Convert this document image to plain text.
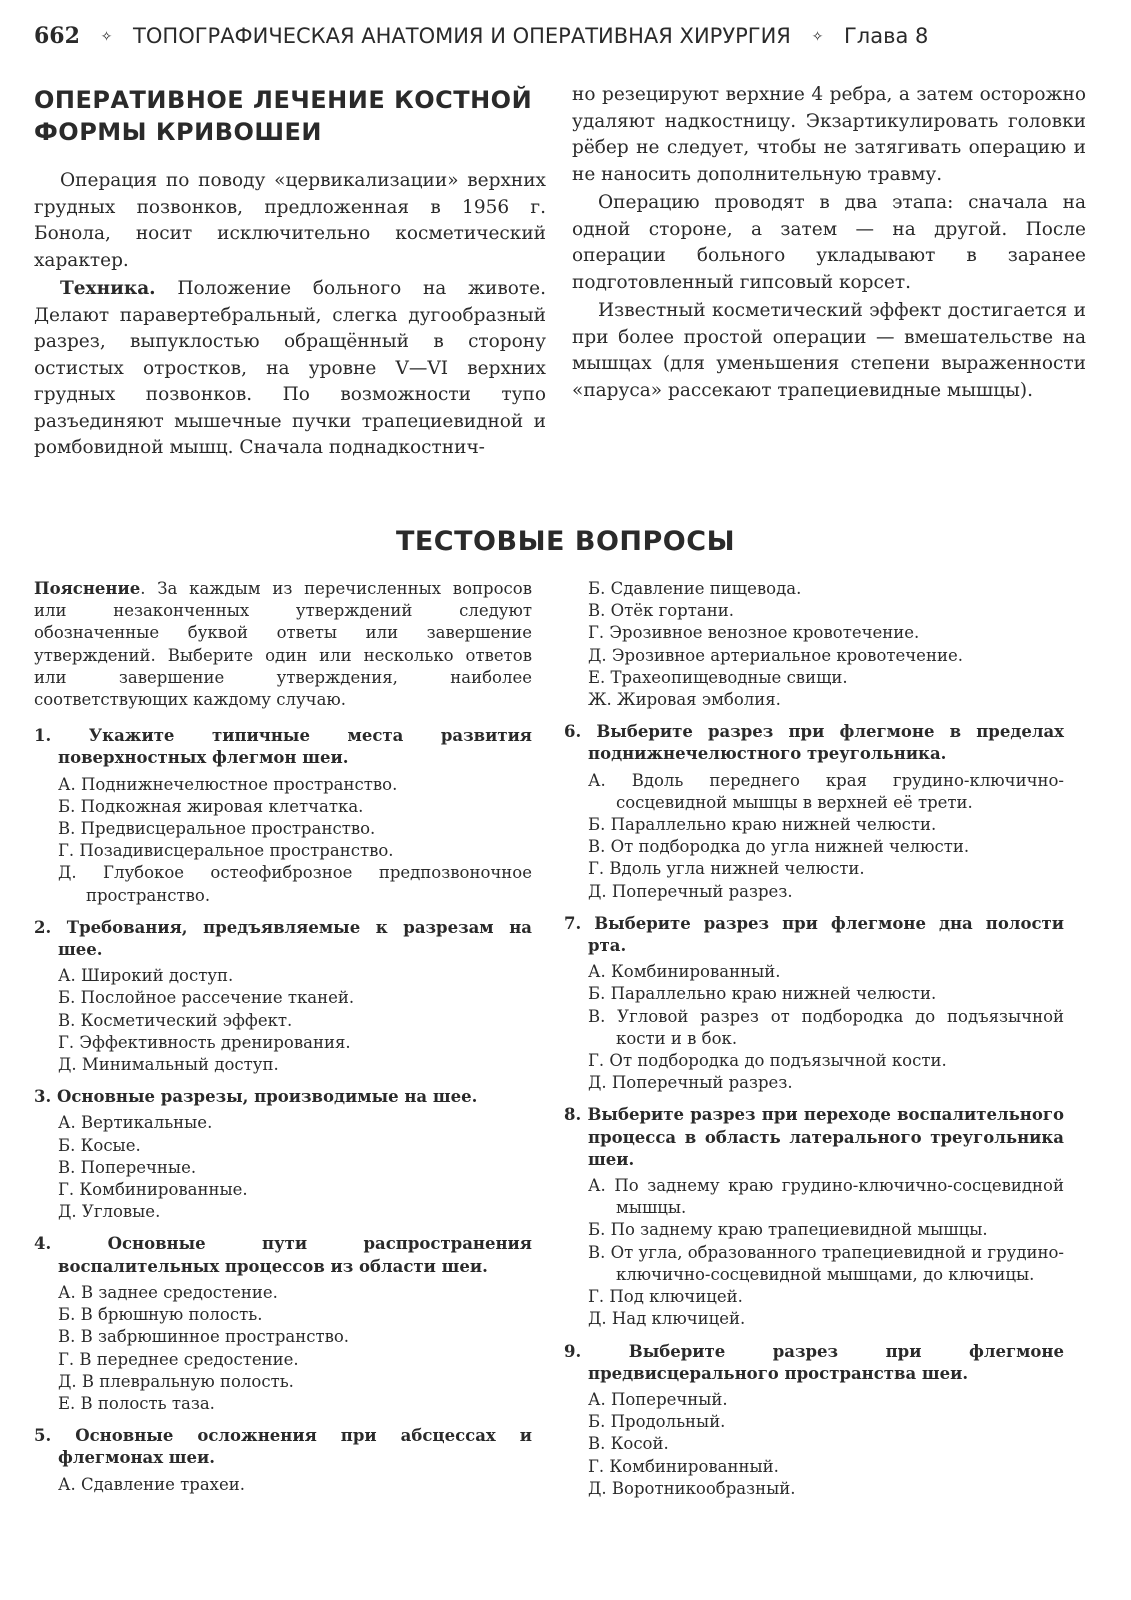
662 ✧ ТОПОГРАФИЧЕСКАЯ АНАТОМИЯ И ОПЕРАТИВНАЯ ХИРУРГИЯ ✧ Глава 8
ОПЕРАТИВНОЕ ЛЕЧЕНИЕ КОСТНОЙ ФОРМЫ КРИВОШЕИ

Операция по поводу «цервикализации» верхних грудных позвонков, предложенная в 1956 г. Бонола, носит исключительно косметический характер.

Техника. Положение больного на животе. Делают паравертебральный, слегка дугообразный разрез, выпуклостью обращённый в сторону остистых отростков, на уровне V—VI верхних грудных позвонков. По возможности тупо разъединяют мышечные пучки трапециевидной и ромбовидной мышц. Сначала поднадкостнич-

но резецируют верхние 4 ребра, а затем осторожно удаляют надкостницу. Экзартикулировать головки рёбер не следует, чтобы не затягивать операцию и не наносить дополнительную травму.

Операцию проводят в два этапа: сначала на одной стороне, а затем — на другой. После операции больного укладывают в заранее подготовленный гипсовый корсет.

Известный косметический эффект достигается и при более простой операции — вмешательстве на мышцах (для уменьшения степени выраженности «паруса» рассекают трапециевидные мышцы).

ТЕСТОВЫЕ ВОПРОСЫ
Пояснение. За каждым из перечисленных вопросов или незаконченных утверждений следуют обозначенные буквой ответы или завершение утверждений. Выберите один или несколько ответов или завершение утверждения, наиболее соответствующих каждому случаю.
1. Укажите типичные места развития поверхностных флегмон шеи.
А. Поднижнечелюстное пространство.
Б. Подкожная жировая клетчатка.
В. Предвисцеральное пространство.
Г. Позадивисцеральное пространство.
Д. Глубокое остеофиброзное предпозвоночное пространство.
2. Требования, предъявляемые к разрезам на шее.
А. Широкий доступ.
Б. Послойное рассечение тканей.
В. Косметический эффект.
Г. Эффективность дренирования.
Д. Минимальный доступ.
3. Основные разрезы, производимые на шее.
А. Вертикальные.
Б. Косые.
В. Поперечные.
Г. Комбинированные.
Д. Угловые.
4. Основные пути распространения воспалительных процессов из области шеи.
А. В заднее средостение.
Б. В брюшную полость.
В. В забрюшинное пространство.
Г. В переднее средостение.
Д. В плевральную полость.
Е. В полость таза.
5. Основные осложнения при абсцессах и флегмонах шеи.
А. Сдавление трахеи.
Б. Сдавление пищевода.
В. Отёк гортани.
Г. Эрозивное венозное кровотечение.
Д. Эрозивное артериальное кровотечение.
Е. Трахеопищеводные свищи.
Ж. Жировая эмболия.
6. Выберите разрез при флегмоне в пределах поднижнечелюстного треугольника.
А. Вдоль переднего края грудино-ключично-сосцевидной мышцы в верхней её трети.
Б. Параллельно краю нижней челюсти.
В. От подбородка до угла нижней челюсти.
Г. Вдоль угла нижней челюсти.
Д. Поперечный разрез.
7. Выберите разрез при флегмоне дна полости рта.
А. Комбинированный.
Б. Параллельно краю нижней челюсти.
В. Угловой разрез от подбородка до подъязычной кости и в бок.
Г. От подбородка до подъязычной кости.
Д. Поперечный разрез.
8. Выберите разрез при переходе воспалительного процесса в область латерального треугольника шеи.
А. По заднему краю грудино-ключично-сосцевидной мышцы.
Б. По заднему краю трапециевидной мышцы.
В. От угла, образованного трапециевидной и грудино-ключично-сосцевидной мышцами, до ключицы.
Г. Под ключицей.
Д. Над ключицей.
9. Выберите разрез при флегмоне предвисцерального пространства шеи.
А. Поперечный.
Б. Продольный.
В. Косой.
Г. Комбинированный.
Д. Воротникообразный.
